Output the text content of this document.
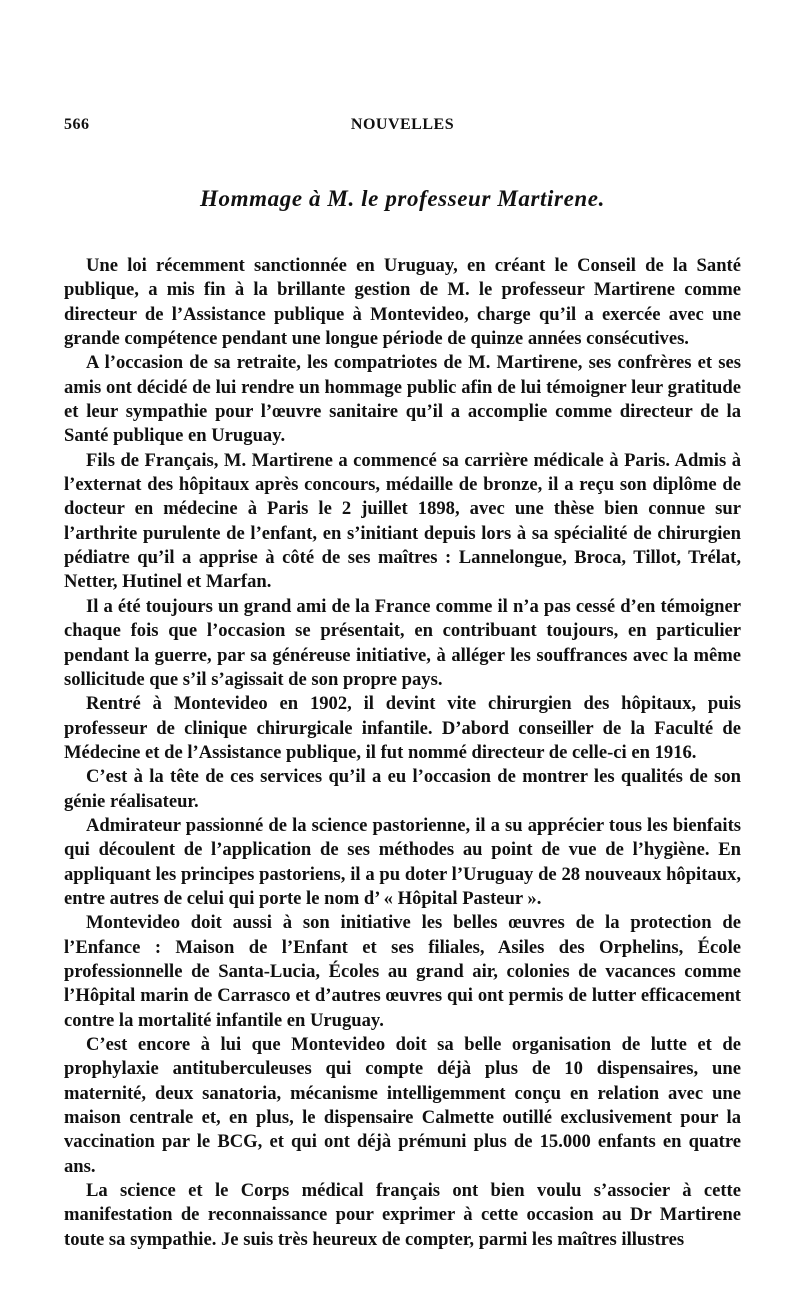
566	NOUVELLES
Hommage à M. le professeur Martirene.

Une loi récemment sanctionnée en Uruguay, en créant le Conseil de la Santé publique, a mis fin à la brillante gestion de M. le professeur Martirene comme directeur de l’Assistance publique à Montevideo, charge qu’il a exercée avec une grande compétence pendant une longue période de quinze années consécutives.

A l’occasion de sa retraite, les compatriotes de M. Martirene, ses confrères et ses amis ont décidé de lui rendre un hommage public afin de lui témoigner leur gratitude et leur sympathie pour l’œuvre sanitaire qu’il a accomplie comme directeur de la Santé publique en Uruguay.

Fils de Français, M. Martirene a commencé sa carrière médicale à Paris. Admis à l’externat des hôpitaux après concours, médaille de bronze, il a reçu son diplôme de docteur en médecine à Paris le 2 juillet 1898, avec une thèse bien connue sur l’arthrite purulente de l’enfant, en s’initiant depuis lors à sa spécialité de chirurgien pédiatre qu’il a apprise à côté de ses maîtres : Lannelongue, Broca, Tillot, Trélat, Netter, Hutinel et Marfan.

Il a été toujours un grand ami de la France comme il n’a pas cessé d’en témoigner chaque fois que l’occasion se présentait, en contribuant toujours, en particulier pendant la guerre, par sa généreuse initiative, à alléger les souffrances avec la même sollicitude que s’il s’agissait de son propre pays.

Rentré à Montevideo en 1902, il devint vite chirurgien des hôpitaux, puis professeur de clinique chirurgicale infantile. D’abord conseiller de la Faculté de Médecine et de l’Assistance publique, il fut nommé directeur de celle-ci en 1916.

C’est à la tête de ces services qu’il a eu l’occasion de montrer les qualités de son génie réalisateur.

Admirateur passionné de la science pastorienne, il a su apprécier tous les bienfaits qui découlent de l’application de ses méthodes au point de vue de l’hygiène. En appliquant les principes pastoriens, il a pu doter l’Uruguay de 28 nouveaux hôpitaux, entre autres de celui qui porte le nom d’ « Hôpital Pasteur ».

Montevideo doit aussi à son initiative les belles œuvres de la protection de l’Enfance : Maison de l’Enfant et ses filiales, Asiles des Orphelins, École professionnelle de Santa-Lucia, Écoles au grand air, colonies de vacances comme l’Hôpital marin de Carrasco et d’autres œuvres qui ont permis de lutter efficacement contre la mortalité infantile en Uruguay.

C’est encore à lui que Montevideo doit sa belle organisation de lutte et de prophylaxie antituberculeuses qui compte déjà plus de 10 dispensaires, une maternité, deux sanatoria, mécanisme intelligemment conçu en relation avec une maison centrale et, en plus, le dispensaire Calmette outillé exclusivement pour la vaccination par le BCG, et qui ont déjà prémuni plus de 15.000 enfants en quatre ans.

La science et le Corps médical français ont bien voulu s’associer à cette manifestation de reconnaissance pour exprimer à cette occasion au Dr Martirene toute sa sympathie. Je suis très heureux de compter, parmi les maîtres illustres
